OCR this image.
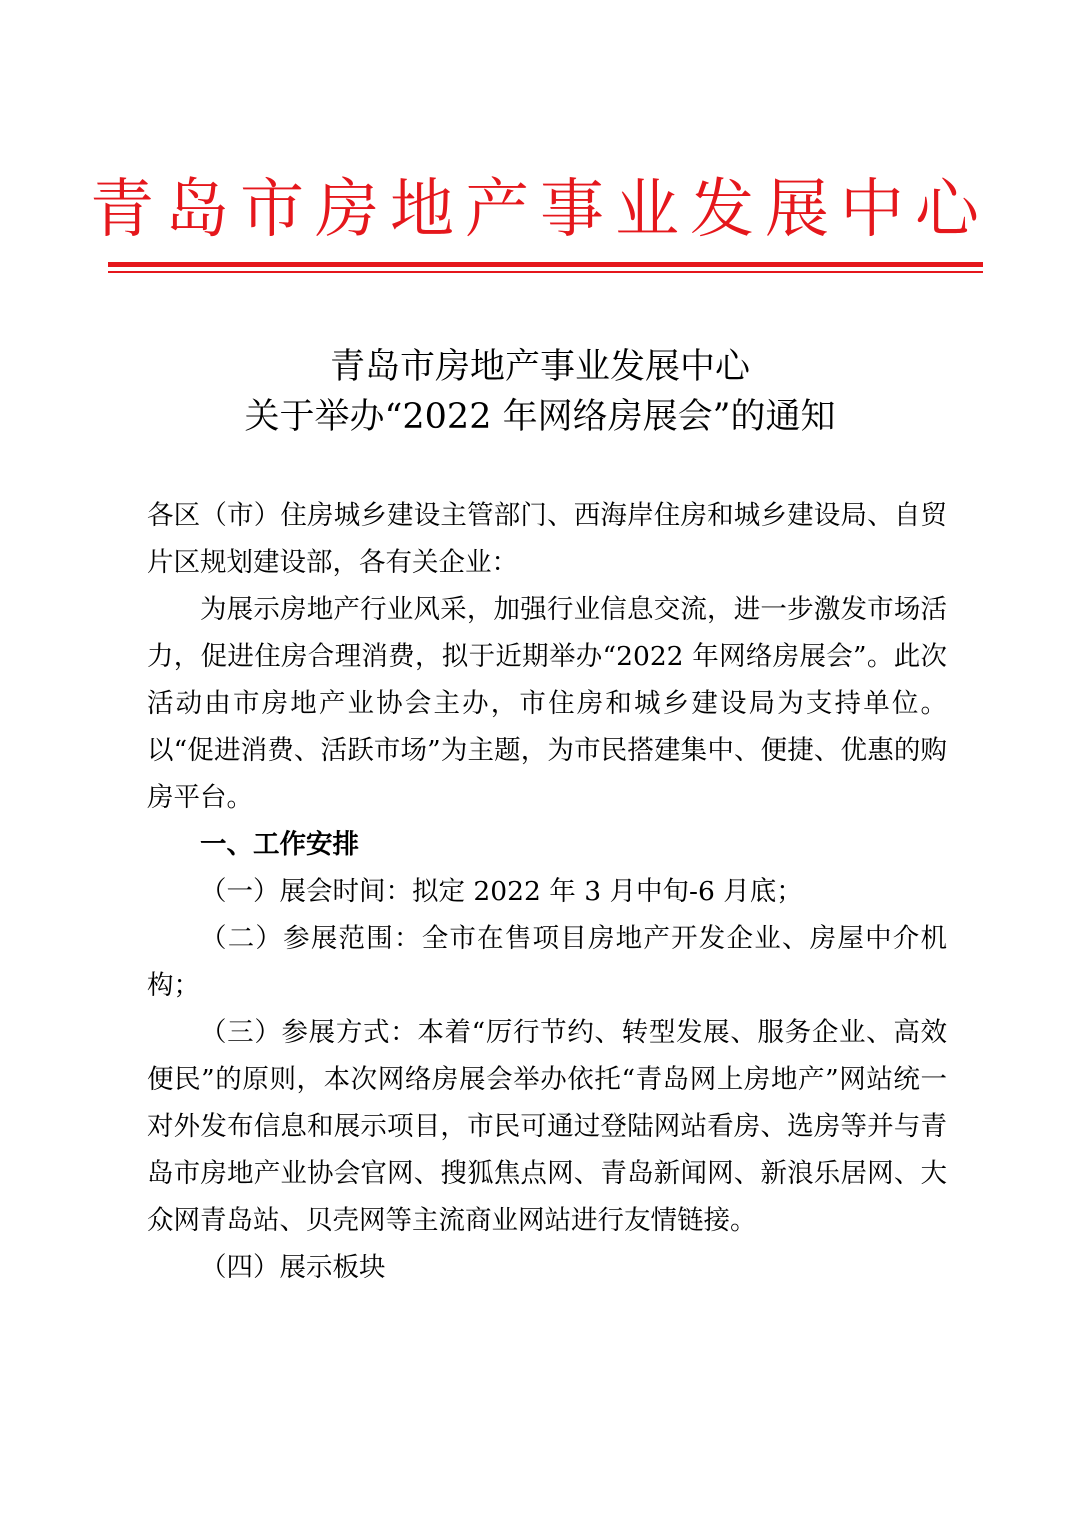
青岛市房地产事业发展中心
青岛市房地产事业发展中心
关于举办“2022 年网络房展会”的通知

各区（市）住房城乡建设主管部门、西海岸住房和城乡建设局、自贸片区规划建设部，各有关企业：

为展示房地产行业风采，加强行业信息交流，进一步激发市场活力，促进住房合理消费，拟于近期举办“2022 年网络房展会”。此次活动由市房地产业协会主办，市住房和城乡建设局为支持单位。以“促进消费、活跃市场”为主题，为市民搭建集中、便捷、优惠的购房平台。

一、工作安排

（一）展会时间：拟定 2022 年 3 月中旬-6 月底；

（二）参展范围：全市在售项目房地产开发企业、房屋中介机构；

（三）参展方式：本着“厉行节约、转型发展、服务企业、高效便民”的原则，本次网络房展会举办依托“青岛网上房地产”网站统一对外发布信息和展示项目，市民可通过登陆网站看房、选房等并与青岛市房地产业协会官网、搜狐焦点网、青岛新闻网、新浪乐居网、大众网青岛站、贝壳网等主流商业网站进行友情链接。

（四）展示板块
